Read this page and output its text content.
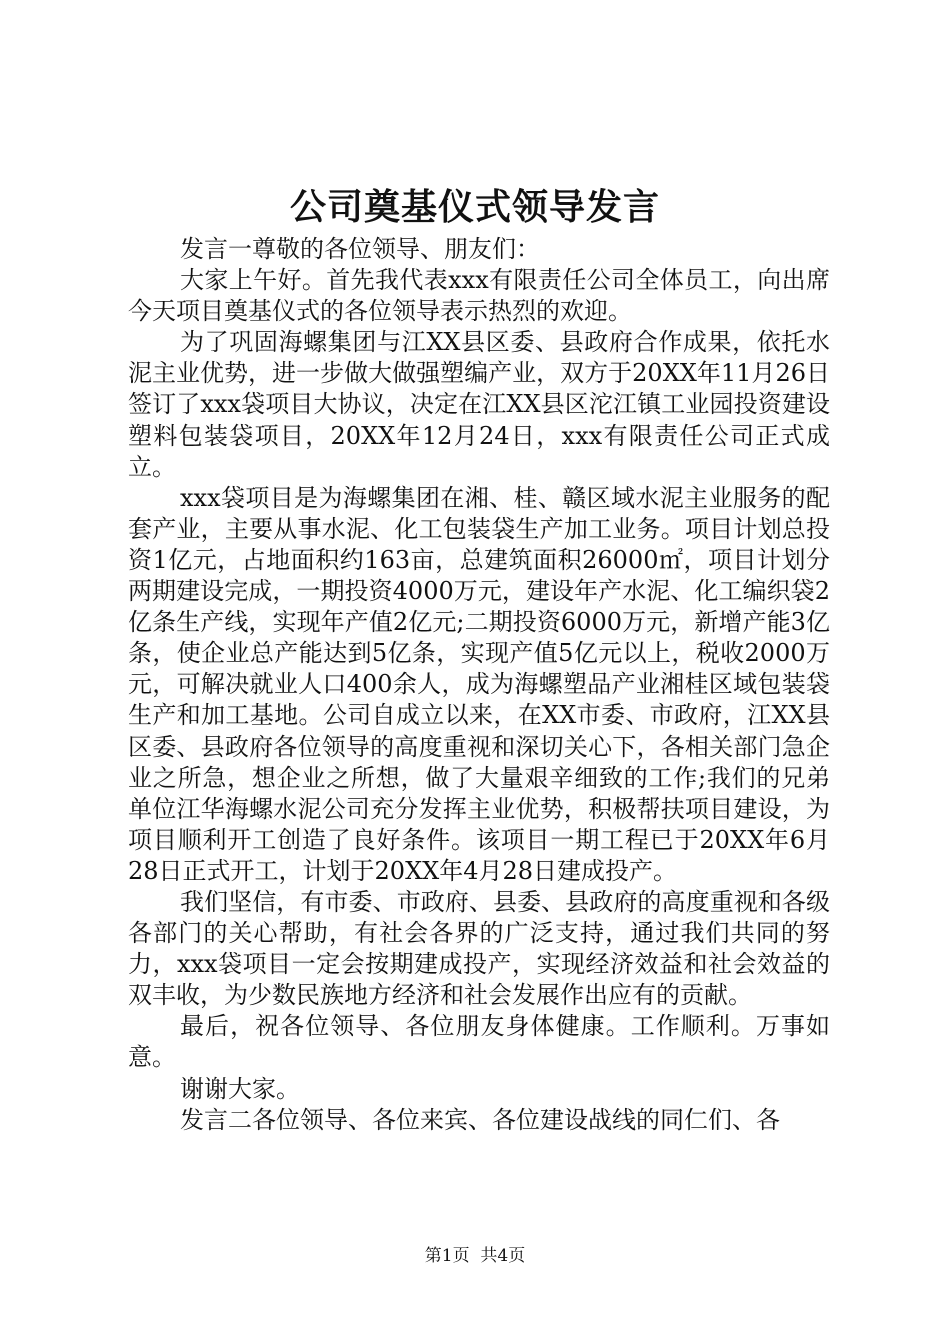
公司奠基仪式领导发言

发言一尊敬的各位领导、朋友们：

大家上午好。首先我代表xxx有限责任公司全体员工，向出席今天项目奠基仪式的各位领导表示热烈的欢迎。

为了巩固海螺集团与江XX县区委、县政府合作成果，依托水泥主业优势，进一步做大做强塑编产业，双方于20XX年11月26日签订了xxx袋项目大协议，决定在江XX县区沱江镇工业园投资建设塑料包装袋项目，20XX年12月24日，xxx有限责任公司正式成立。

xxx袋项目是为海螺集团在湘、桂、赣区域水泥主业服务的配套产业，主要从事水泥、化工包装袋生产加工业务。项目计划总投资1亿元，占地面积约163亩，总建筑面积26000㎡，项目计划分两期建设完成，一期投资4000万元，建设年产水泥、化工编织袋2亿条生产线，实现年产值2亿元;二期投资6000万元，新增产能3亿条，使企业总产能达到5亿条，实现产值5亿元以上，税收2000万元，可解决就业人口400余人，成为海螺塑品产业湘桂区域包装袋生产和加工基地。公司自成立以来，在XX市委、市政府，江XX县区委、县政府各位领导的高度重视和深切关心下，各相关部门急企业之所急，想企业之所想，做了大量艰辛细致的工作;我们的兄弟单位江华海螺水泥公司充分发挥主业优势，积极帮扶项目建设，为项目顺利开工创造了良好条件。该项目一期工程已于20XX年6月28日正式开工，计划于20XX年4月28日建成投产。

我们坚信，有市委、市政府、县委、县政府的高度重视和各级各部门的关心帮助，有社会各界的广泛支持，通过我们共同的努力，xxx袋项目一定会按期建成投产，实现经济效益和社会效益的双丰收，为少数民族地方经济和社会发展作出应有的贡献。

最后，祝各位领导、各位朋友身体健康。工作顺利。万事如意。

谢谢大家。

发言二各位领导、各位来宾、各位建设战线的同仁们、各

第1页  共4页
